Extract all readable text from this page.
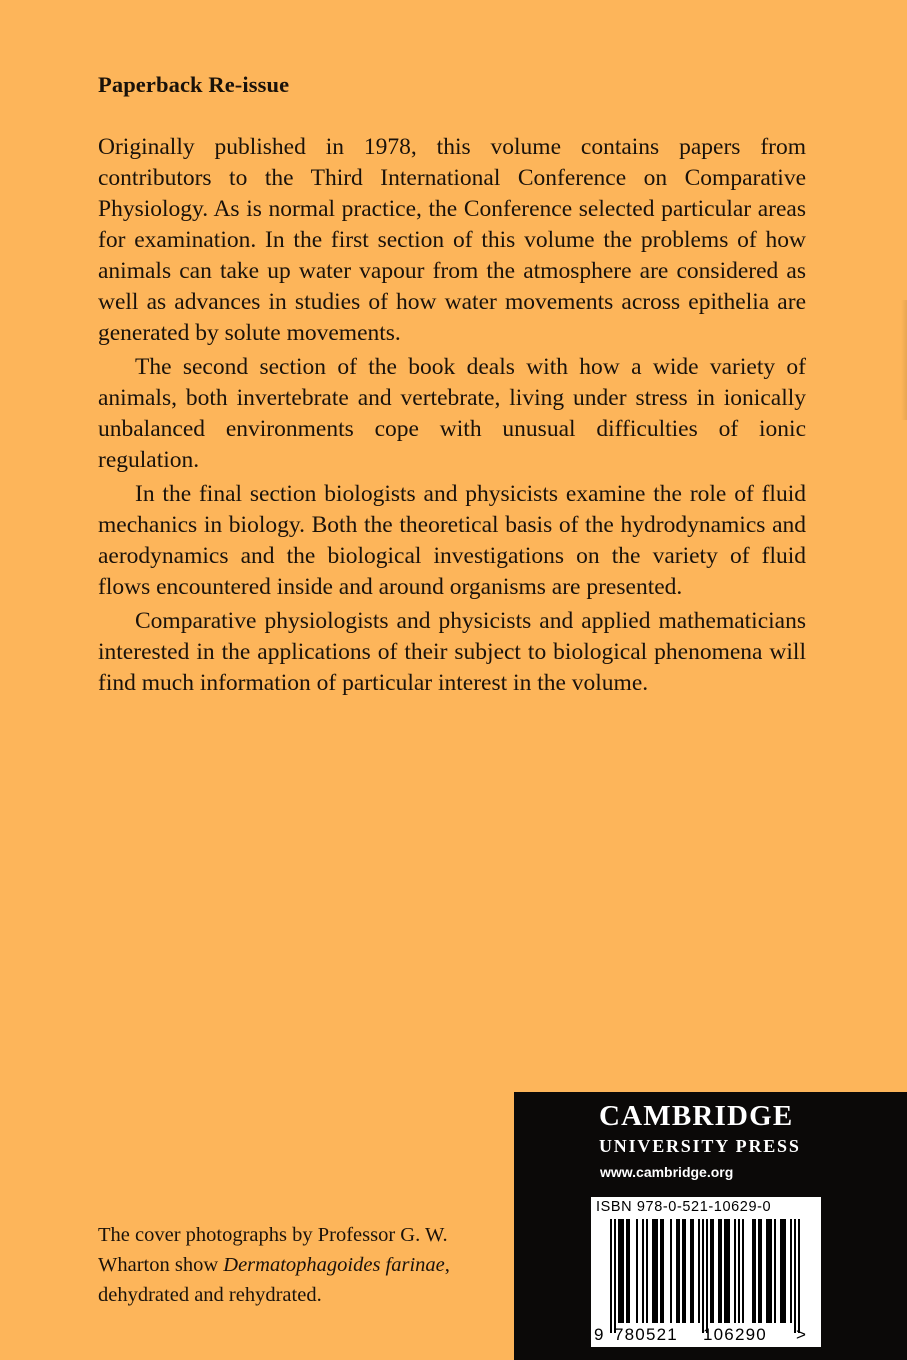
Paperback Re-issue

Originally published in 1978, this volume contains papers from contributors to the Third International Conference on Comparative Physiology. As is normal practice, the Conference selected particular areas for examination. In the first section of this volume the problems of how animals can take up water vapour from the atmosphere are considered as well as advances in studies of how water movements across epithelia are generated by solute movements.

The second section of the book deals with how a wide variety of animals, both invertebrate and vertebrate, living under stress in ionically unbalanced environments cope with unusual difficulties of ionic regulation.

In the final section biologists and physicists examine the role of fluid mechanics in biology. Both the theoretical basis of the hydrodynamics and aerodynamics and the biological investigations on the variety of fluid flows encountered inside and around organisms are presented.

Comparative physiologists and physicists and applied mathematicians interested in the applications of their subject to biological phenomena will find much information of particular interest in the volume.

The cover photographs by Professor G. W. Wharton show Dermatophagoides farinae, dehydrated and rehydrated.
CAMBRIDGE
UNIVERSITY PRESS
www.cambridge.org
ISBN 978-0-521-10629-0
9 780521 106290 >
